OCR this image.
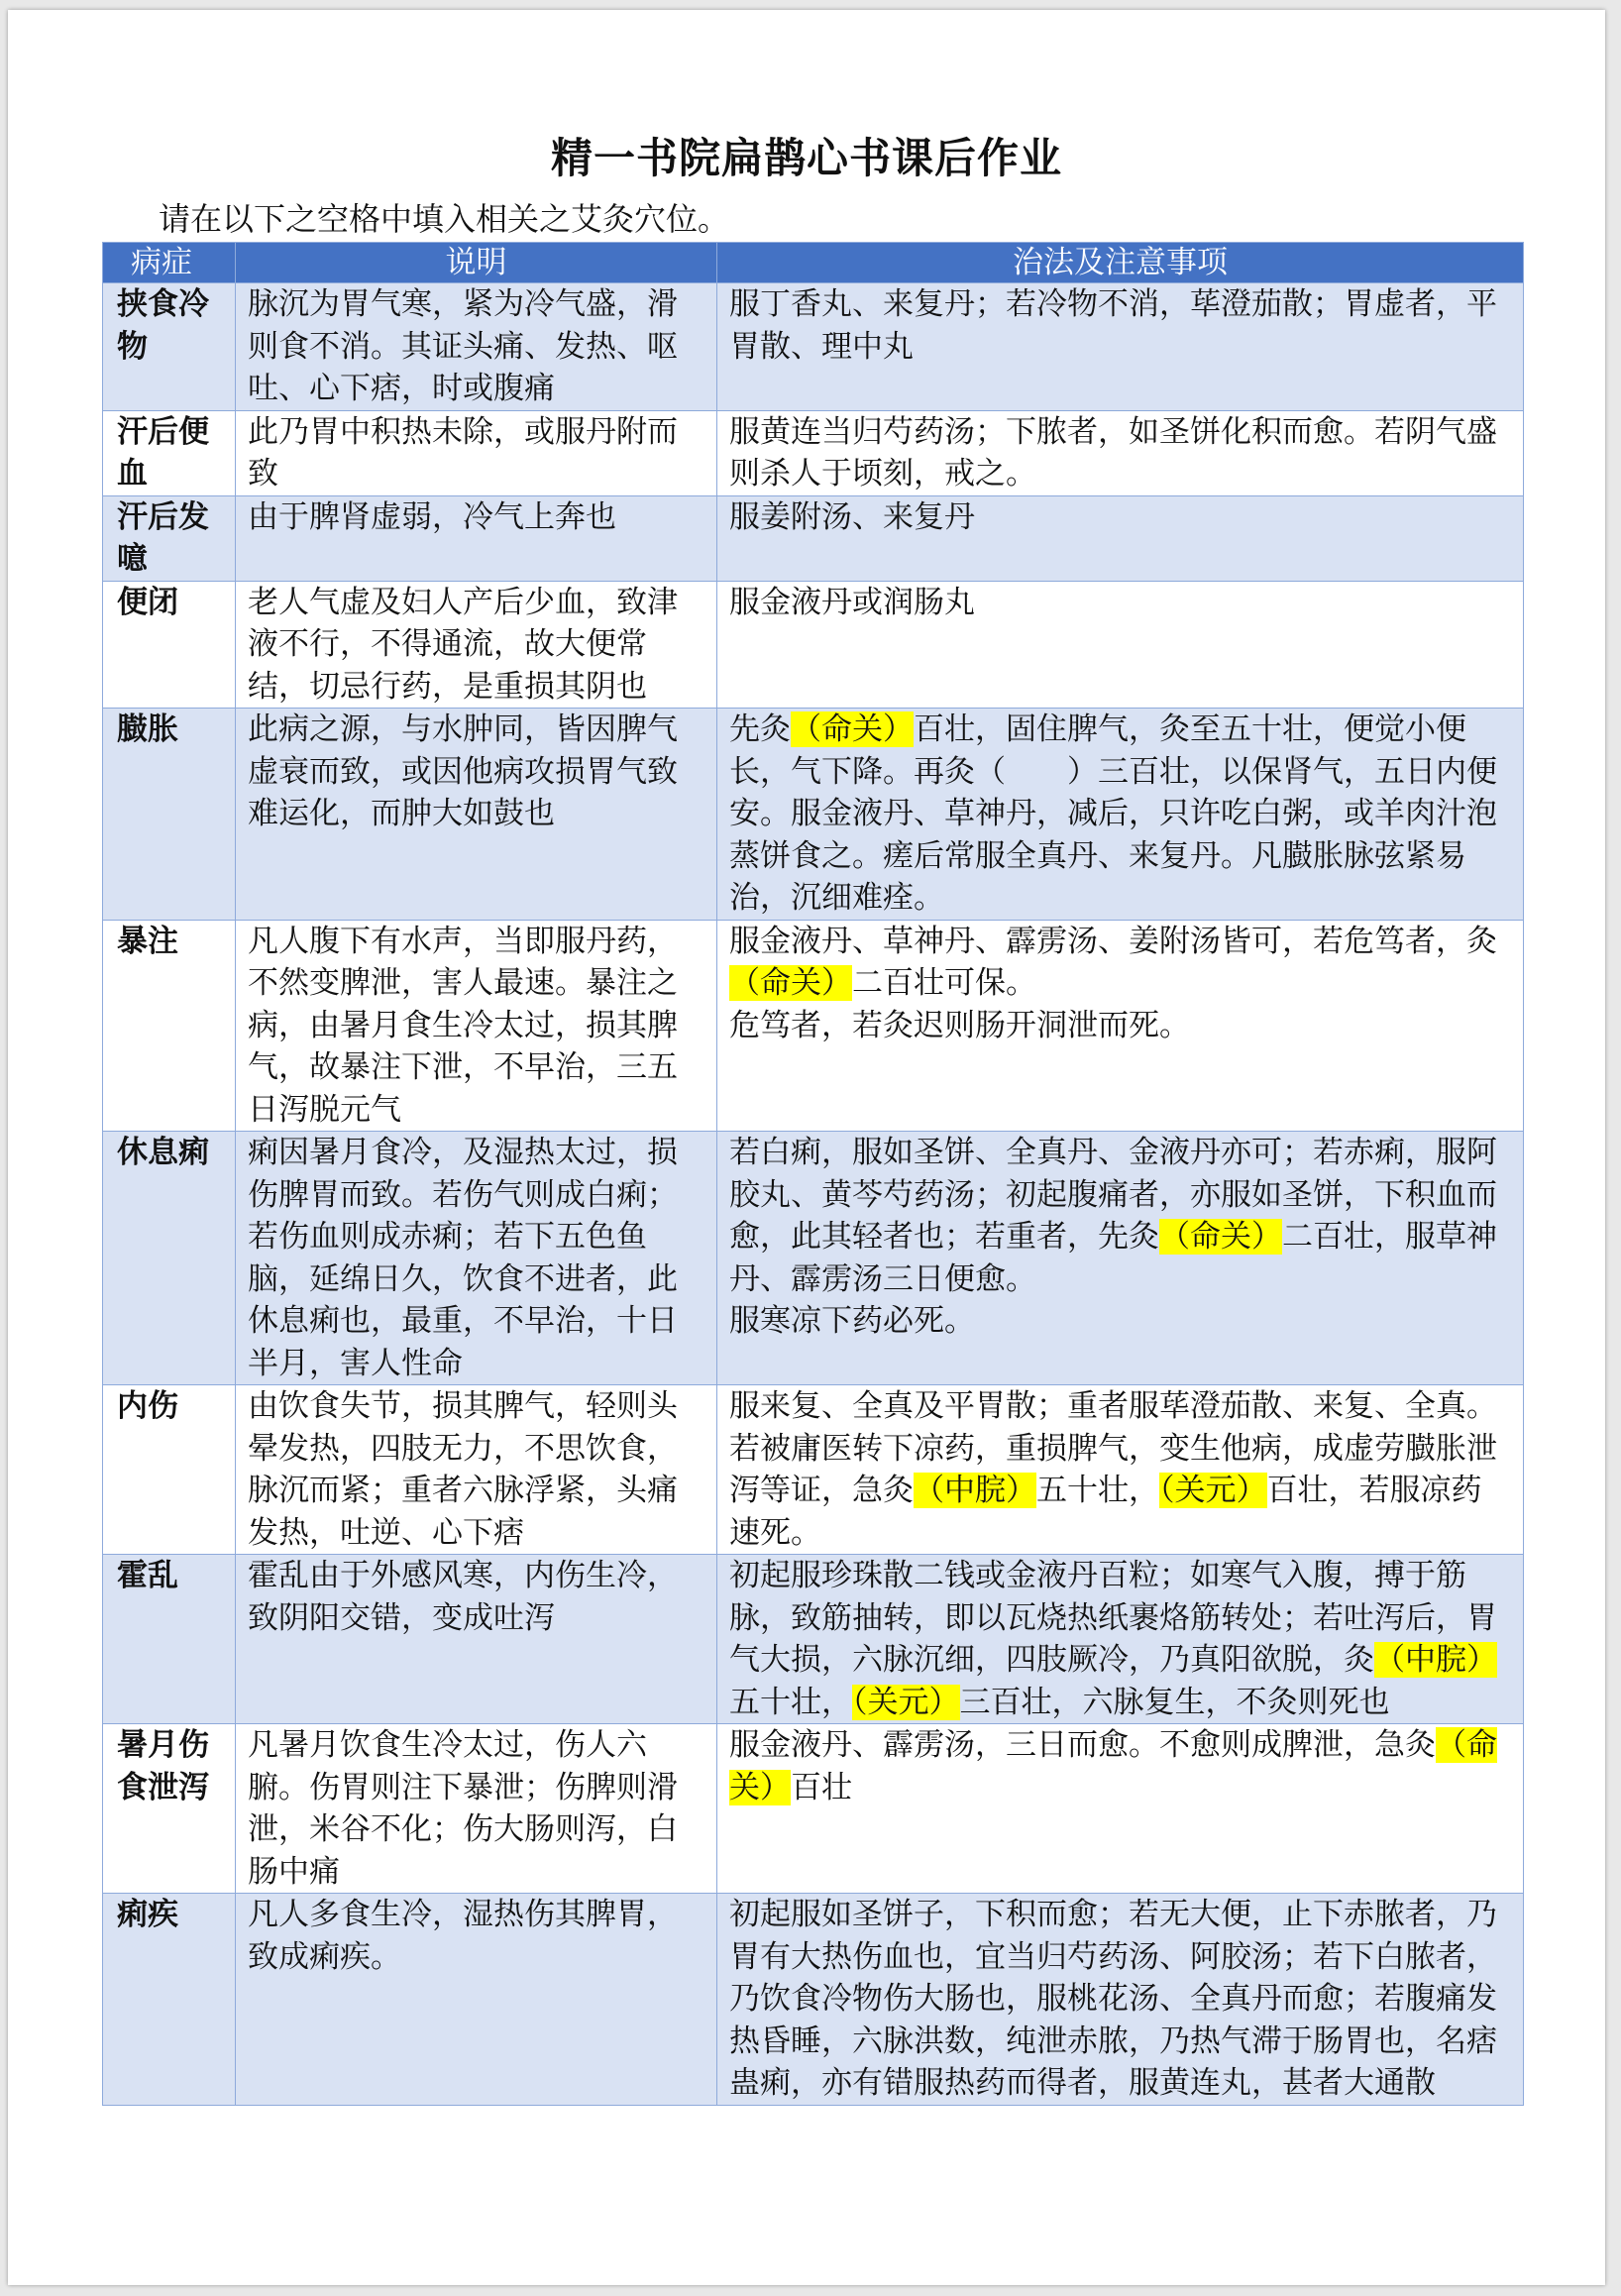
精一书院扁鹊心书课后作业
请在以下之空格中填入相关之艾灸穴位。
病症	说明	治法及注意事项
挟食冷物	脉沉为胃气寒，紧为冷气盛，滑则食不消。其证头痛、发热、呕吐、心下痞，时或腹痛	服丁香丸、来复丹；若冷物不消，荜澄茄散；胃虚者，平胃散、理中丸

汗后便血	此乃胃中积热未除，或服丹附而致	服黄连当归芍药汤；下脓者，如圣饼化积而愈。若阴气盛则杀人于顷刻，戒之。

汗后发噫	由于脾肾虚弱，冷气上奔也	服姜附汤、来复丹

便闭	老人气虚及妇人产后少血，致津液不行，不得通流，故大便常结，切忌行药，是重损其阴也	服金液丹或润肠丸

臌胀	此病之源，与水肿同，皆因脾气虚衰而致，或因他病攻损胃气致难运化，而肿大如鼓也	先灸（命关）百壮，固住脾气，灸至五十壮，便觉小便长，气下降。再灸（　　）三百壮，以保肾气，五日内便安。服金液丹、草神丹，减后，只许吃白粥，或羊肉汁泡蒸饼食之。瘥后常服全真丹、来复丹。凡臌胀脉弦紧易治，沉细难痊。

暴注	凡人腹下有水声，当即服丹药，不然变脾泄，害人最速。暴注之病，由暑月食生冷太过，损其脾气，故暴注下泄，不早治，三五日泻脱元气	服金液丹、草神丹、霹雳汤、姜附汤皆可，若危笃者，灸（命关）二百壮可保。
危笃者，若灸迟则肠开洞泄而死。

休息痢	痢因暑月食冷，及湿热太过，损伤脾胃而致。若伤气则成白痢；若伤血则成赤痢；若下五色鱼脑，延绵日久，饮食不进者，此休息痢也，最重，不早治，十日半月，害人性命	若白痢，服如圣饼、全真丹、金液丹亦可；若赤痢，服阿胶丸、黄芩芍药汤；初起腹痛者，亦服如圣饼，下积血而愈，此其轻者也；若重者，先灸（命关）二百壮，服草神丹、霹雳汤三日便愈。
服寒凉下药必死。

内伤	由饮食失节，损其脾气，轻则头晕发热，四肢无力，不思饮食，脉沉而紧；重者六脉浮紧，头痛发热，吐逆、心下痞	服来复、全真及平胃散；重者服荜澄茄散、来复、全真。若被庸医转下凉药，重损脾气，变生他病，成虚劳臌胀泄泻等证，急灸（中脘）五十壮，（关元）百壮，若服凉药速死。

霍乱	霍乱由于外感风寒，内伤生冷，致阴阳交错，变成吐泻	初起服珍珠散二钱或金液丹百粒；如寒气入腹，搏于筋脉，致筋抽转，即以瓦烧热纸裹烙筋转处；若吐泻后，胃气大损，六脉沉细，四肢厥冷，乃真阳欲脱，灸（中脘）五十壮，（关元）三百壮，六脉复生，不灸则死也

暑月伤食泄泻	凡暑月饮食生冷太过，伤人六腑。伤胃则注下暴泄；伤脾则滑泄，米谷不化；伤大肠则泻，白肠中痛	服金液丹、霹雳汤，三日而愈。不愈则成脾泄，急灸（命关）百壮

痢疾	凡人多食生冷，湿热伤其脾胃，致成痢疾。	初起服如圣饼子，下积而愈；若无大便，止下赤脓者，乃胃有大热伤血也，宜当归芍药汤、阿胶汤；若下白脓者，乃饮食冷物伤大肠也，服桃花汤、全真丹而愈；若腹痛发热昏睡，六脉洪数，纯泄赤脓，乃热气滞于肠胃也，名痞蛊痢，亦有错服热药而得者，服黄连丸，甚者大通散
